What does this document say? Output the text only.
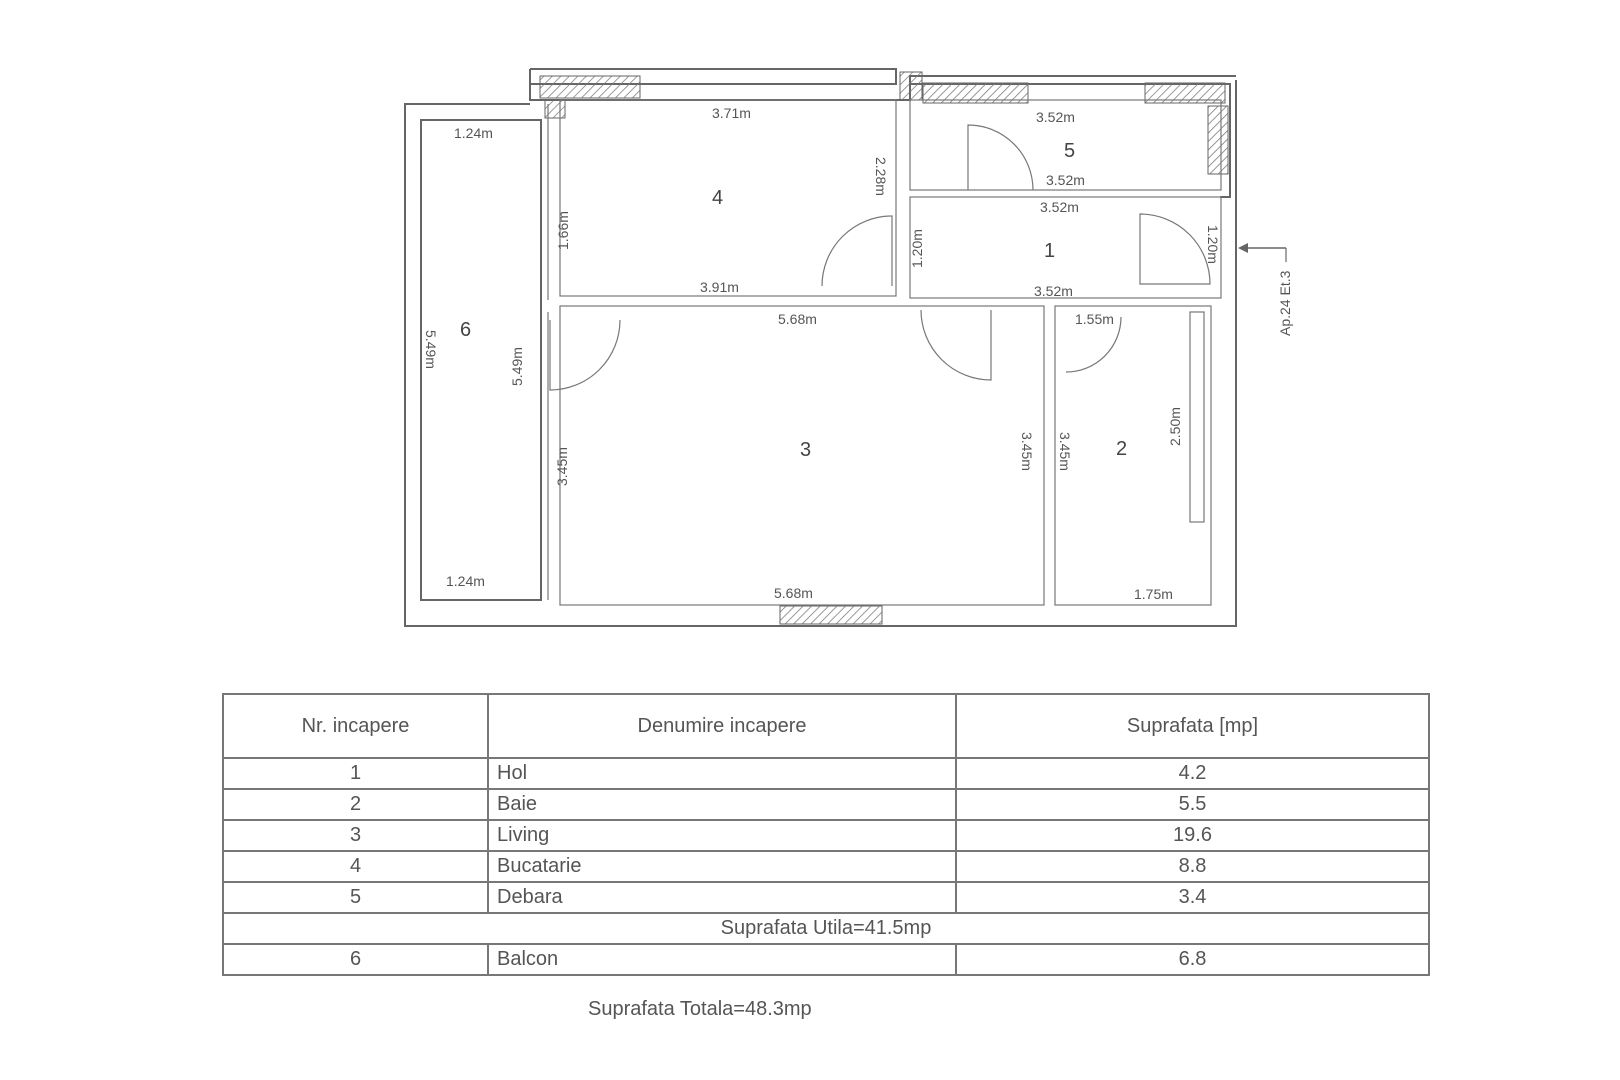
1
2
3
4
5
6
3.71m
3.91m
3.52m
3.52m
3.52m
3.52m
1.55m
1.75m
5.68m
5.68m
1.24m
1.24m
2.28m
1.66m	1.20m	1.20m
5.49m
5.49m
3.45m	3.45m 3.45m
2.50m
Ap.24 Et.3
Nr. incapere	Denumire incapere	Suprafata [mp]
1	Hol	4.2
2	Baie	5.5
3	Living	19.6
4	Bucatarie	8.8
5	Debara	3.4
Suprafata Utila=41.5mp		
6	Balcon	6.8
Suprafata Totala=48.3mp
